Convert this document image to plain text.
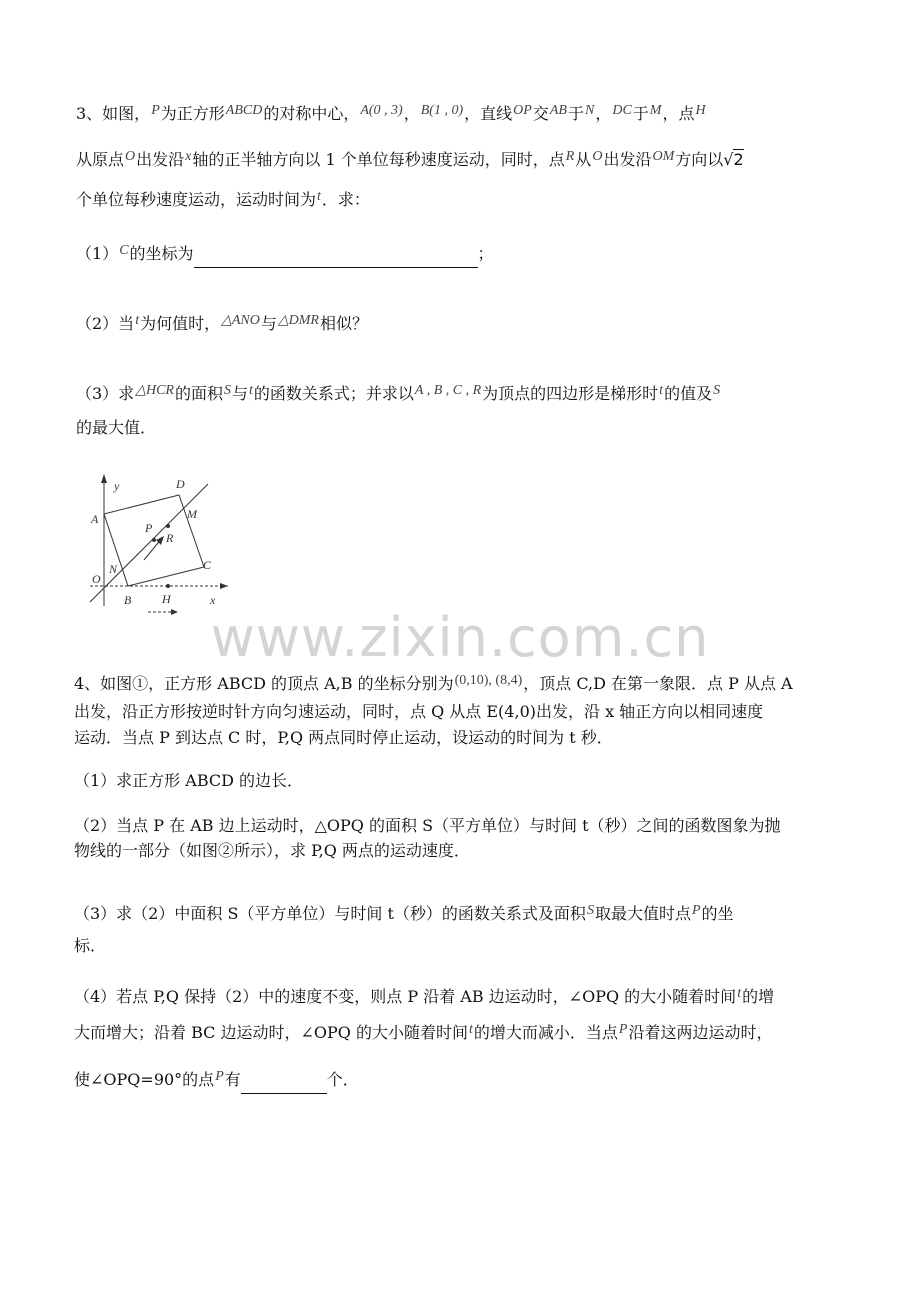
www.zixin.com.cn
3、如图，P为正方形ABCD的对称中心，A(0 , 3)，B(1 , 0)，直线OP交AB于N，DC于M，点H
从原点O出发沿x轴的正半轴方向以 1 个单位每秒速度运动，同时，点R从O出发沿OM方向以√2
个单位每秒速度运动，运动时间为t．求：
（1）C的坐标为	；
（2）当t为何值时，△ANO与△DMR相似？
（3）求△HCR的面积S与t的函数关系式；并求以A , B , C , R为顶点的四边形是梯形时t的值及S
的最大值．
y
x
A
D
M
P
R
N	C
O
B	H
4、如图①，正方形 ABCD 的顶点 A,B 的坐标分别为(0,10), (8,4)，顶点 C,D 在第一象限．点 P 从点 A
出发，沿正方形按逆时针方向匀速运动，同时，点 Q 从点 E(4,0)出发，沿 x 轴正方向以相同速度
运动．当点 P 到达点 C 时，P,Q 两点同时停止运动，设运动的时间为 t 秒．
（1）求正方形 ABCD 的边长．
（2）当点 P 在 AB 边上运动时，△OPQ 的面积 S（平方单位）与时间 t（秒）之间的函数图象为抛
物线的一部分（如图②所示），求 P,Q 两点的运动速度．
（3）求（2）中面积 S（平方单位）与时间 t（秒）的函数关系式及面积S取最大值时点P的坐
标．
（4）若点 P,Q 保持（2）中的速度不变，则点 P 沿着 AB 边运动时，∠OPQ 的大小随着时间t的增
大而增大；沿着 BC 边运动时，∠OPQ 的大小随着时间t的增大而减小．当点P沿着这两边运动时，
使∠OPQ=90°的点P有	个．
